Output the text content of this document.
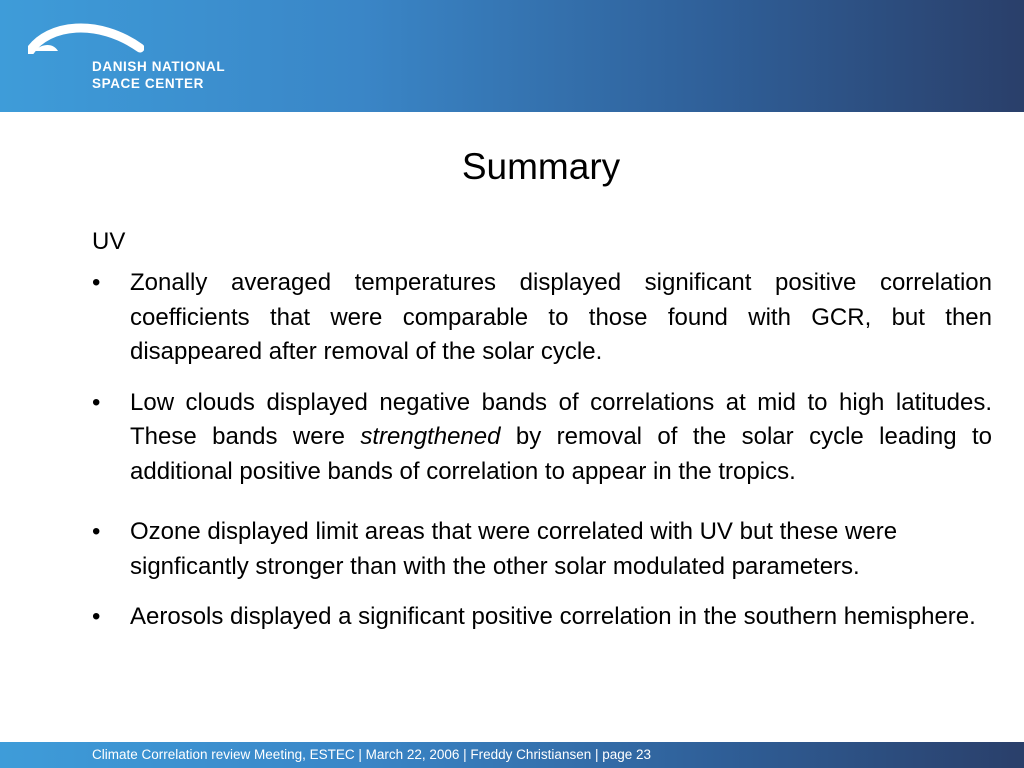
DANISH NATIONAL
SPACE CENTER
Summary
UV
• Zonally averaged temperatures displayed significant positive correlation coefficients that were comparable to those found with GCR, but then disappeared after removal of the solar cycle.
• Low clouds displayed negative bands of correlations at mid to high latitudes. These bands were strengthened by removal of the solar cycle leading to additional positive bands of correlation to appear in the tropics.
• Ozone displayed limit areas that were correlated with UV but these were signficantly stronger than with the other solar modulated parameters.
• Aerosols displayed a significant positive correlation in the southern hemisphere.
Climate Correlation review Meeting, ESTEC | March 22, 2006 | Freddy Christiansen | page 23
